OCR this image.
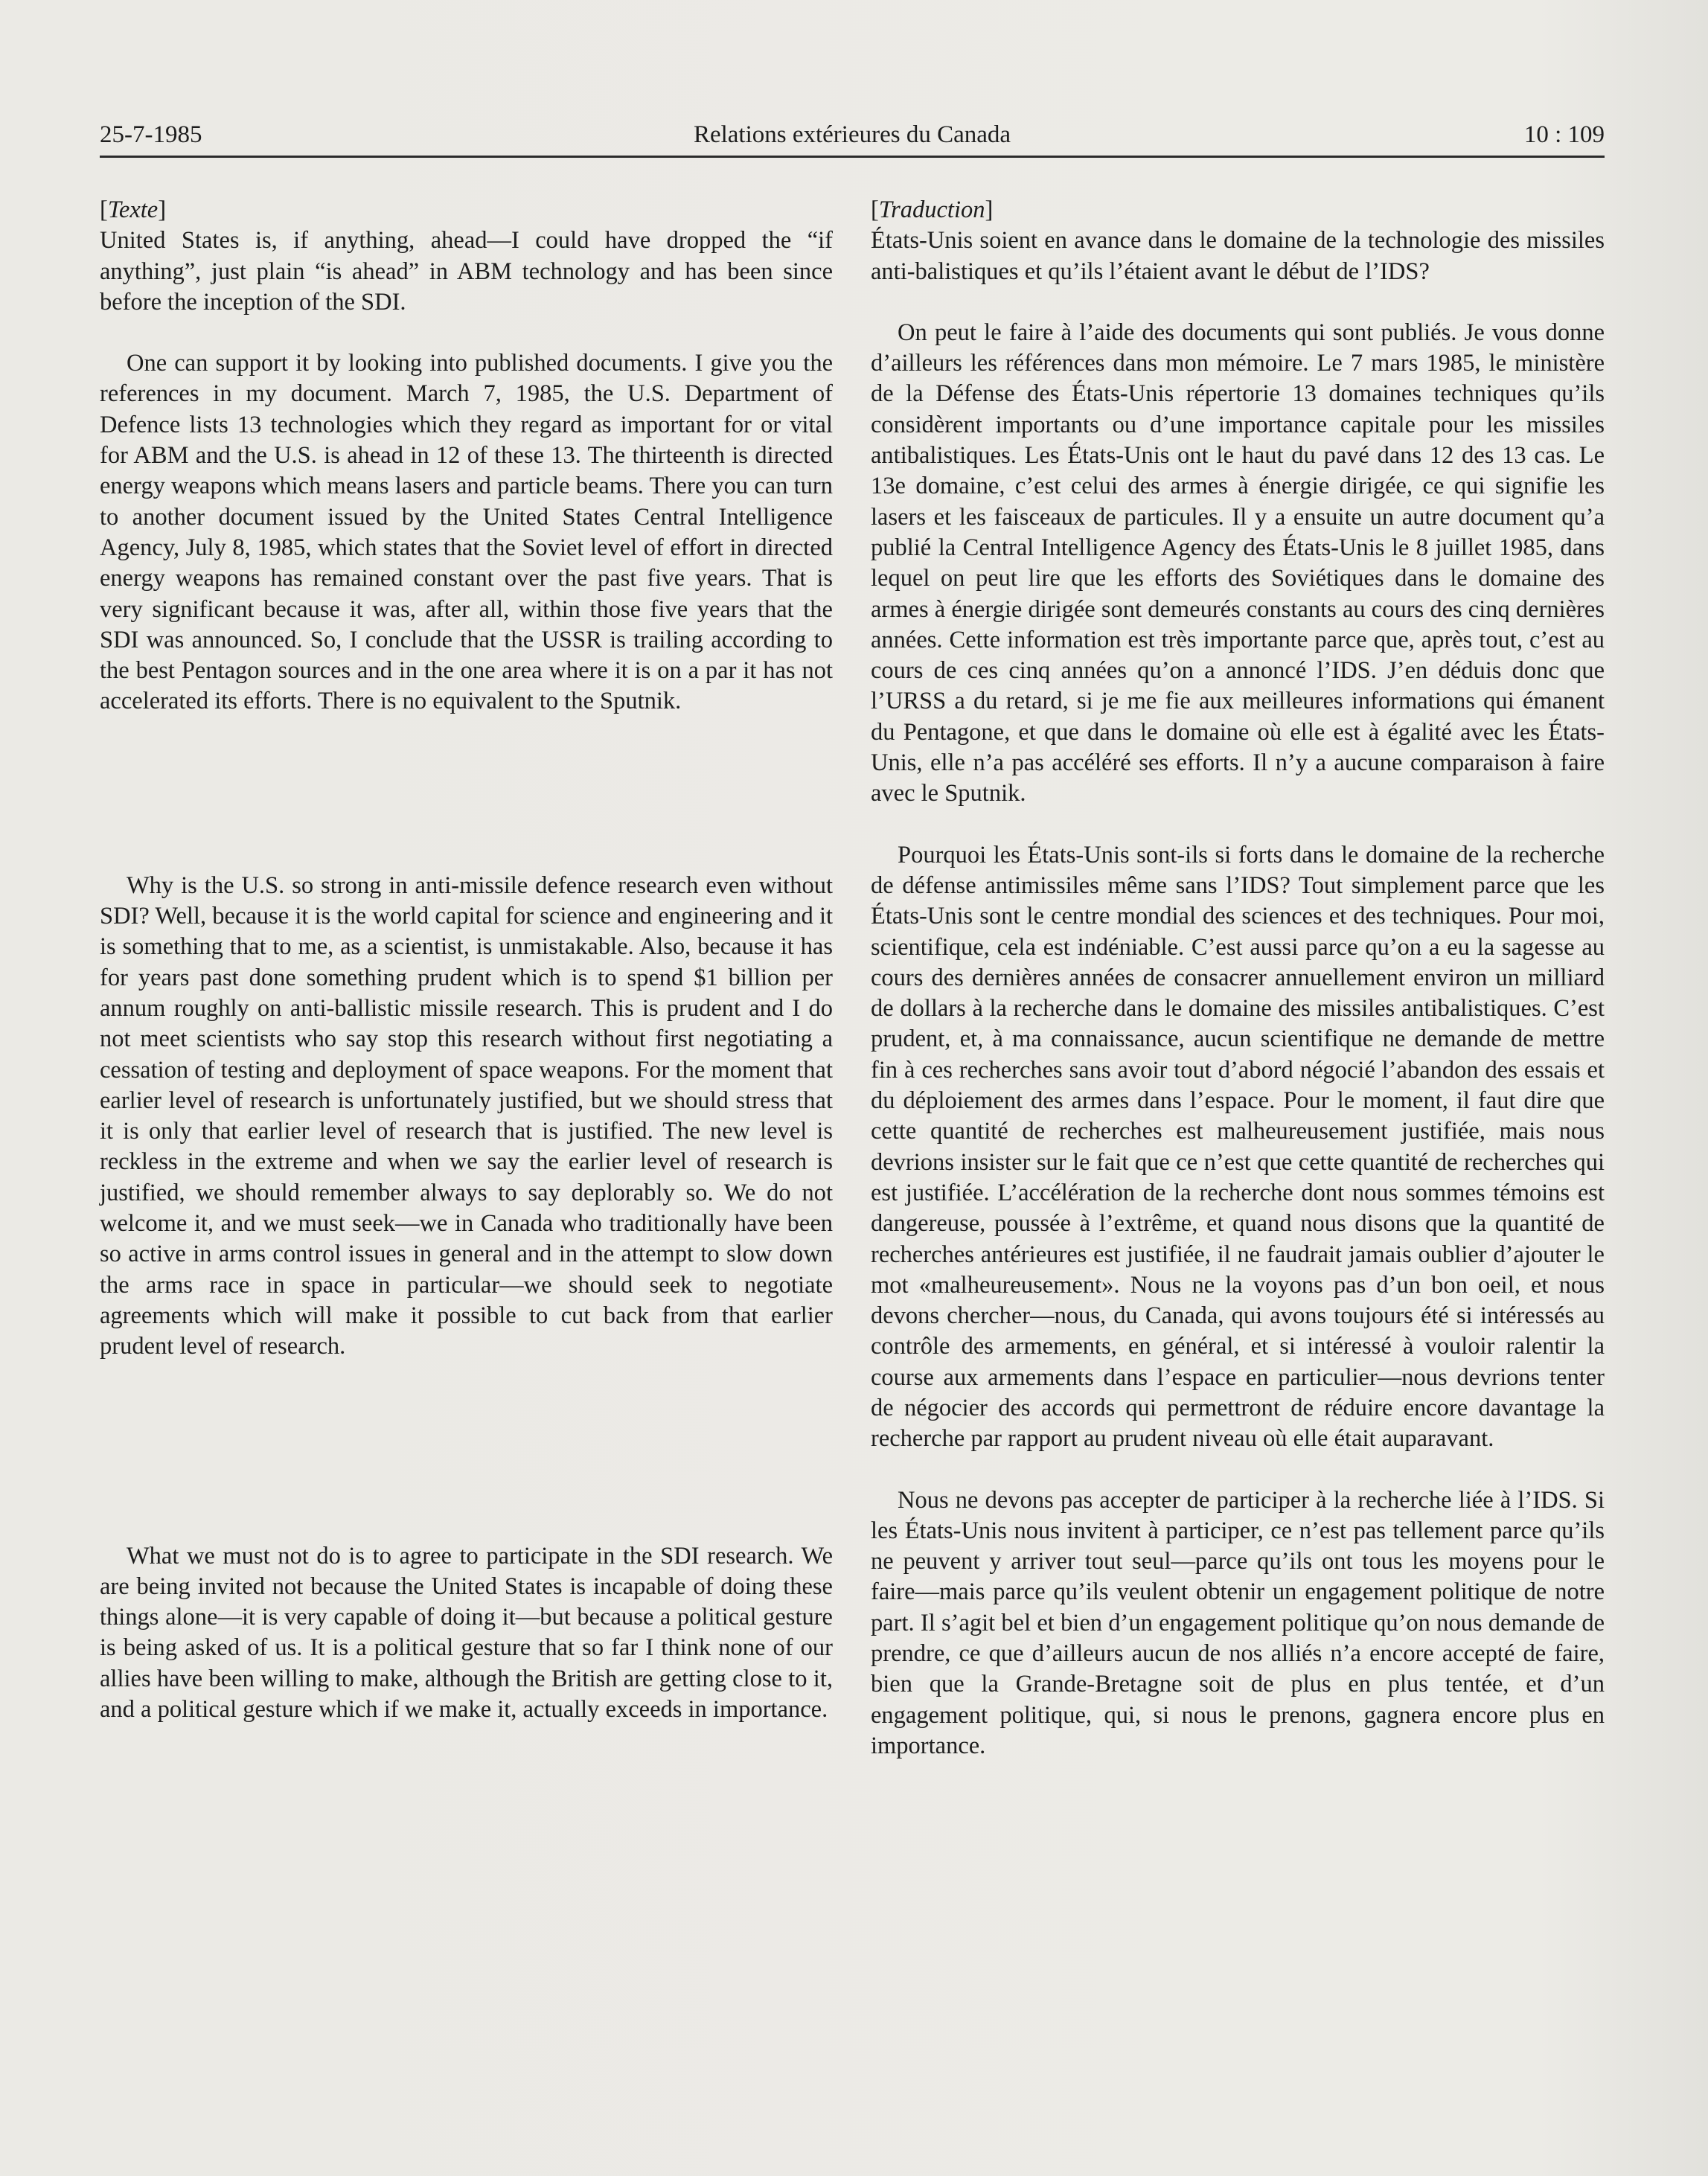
25-7-1985	Relations extérieures du Canada	10 : 109

[Texte]

United States is, if anything, ahead—I could have dropped the “if anything”, just plain “is ahead” in ABM technology and has been since before the inception of the SDI.

One can support it by looking into published documents. I give you the references in my document. March 7, 1985, the U.S. Department of Defence lists 13 technologies which they regard as important for or vital for ABM and the U.S. is ahead in 12 of these 13. The thirteenth is directed energy weapons which means lasers and particle beams. There you can turn to another document issued by the United States Central Intelligence Agency, July 8, 1985, which states that the Soviet level of effort in directed energy weapons has remained constant over the past five years. That is very significant because it was, after all, within those five years that the SDI was announced. So, I conclude that the USSR is trailing according to the best Pentagon sources and in the one area where it is on a par it has not accelerated its efforts. There is no equivalent to the Sputnik.

Why is the U.S. so strong in anti-missile defence research even without SDI? Well, because it is the world capital for science and engineering and it is something that to me, as a scientist, is unmistakable. Also, because it has for years past done something prudent which is to spend $1 billion per annum roughly on anti-ballistic missile research. This is prudent and I do not meet scientists who say stop this research without first negotiating a cessation of testing and deployment of space weapons. For the moment that earlier level of research is unfortunately justified, but we should stress that it is only that earlier level of research that is justified. The new level is reckless in the extreme and when we say the earlier level of research is justified, we should remember always to say deplorably so. We do not welcome it, and we must seek—we in Canada who traditionally have been so active in arms control issues in general and in the attempt to slow down the arms race in space in particular—we should seek to negotiate agreements which will make it possible to cut back from that earlier prudent level of research.

What we must not do is to agree to participate in the SDI research. We are being invited not because the United States is incapable of doing these things alone—it is very capable of doing it—but because a political gesture is being asked of us. It is a political gesture that so far I think none of our allies have been willing to make, although the British are getting close to it, and a political gesture which if we make it, actually exceeds in importance.

[Traduction]

États-Unis soient en avance dans le domaine de la technologie des missiles anti-balistiques et qu’ils l’étaient avant le début de l’IDS?

On peut le faire à l’aide des documents qui sont publiés. Je vous donne d’ailleurs les références dans mon mémoire. Le 7 mars 1985, le ministère de la Défense des États-Unis répertorie 13 domaines techniques qu’ils considèrent importants ou d’une importance capitale pour les missiles antibalistiques. Les États-Unis ont le haut du pavé dans 12 des 13 cas. Le 13e domaine, c’est celui des armes à énergie dirigée, ce qui signifie les lasers et les faisceaux de particules. Il y a ensuite un autre document qu’a publié la Central Intelligence Agency des États-Unis le 8 juillet 1985, dans lequel on peut lire que les efforts des Soviétiques dans le domaine des armes à énergie dirigée sont demeurés constants au cours des cinq dernières années. Cette information est très importante parce que, après tout, c’est au cours de ces cinq années qu’on a annoncé l’IDS. J’en déduis donc que l’URSS a du retard, si je me fie aux meilleures informations qui émanent du Pentagone, et que dans le domaine où elle est à égalité avec les États-Unis, elle n’a pas accéléré ses efforts. Il n’y a aucune comparaison à faire avec le Sputnik.

Pourquoi les États-Unis sont-ils si forts dans le domaine de la recherche de défense antimissiles même sans l’IDS? Tout simplement parce que les États-Unis sont le centre mondial des sciences et des techniques. Pour moi, scientifique, cela est indéniable. C’est aussi parce qu’on a eu la sagesse au cours des dernières années de consacrer annuellement environ un milliard de dollars à la recherche dans le domaine des missiles antibalistiques. C’est prudent, et, à ma connaissance, aucun scientifique ne demande de mettre fin à ces recherches sans avoir tout d’abord négocié l’abandon des essais et du déploiement des armes dans l’espace. Pour le moment, il faut dire que cette quantité de recherches est malheureusement justifiée, mais nous devrions insister sur le fait que ce n’est que cette quantité de recherches qui est justifiée. L’accélération de la recherche dont nous sommes témoins est dangereuse, poussée à l’extrême, et quand nous disons que la quantité de recherches antérieures est justifiée, il ne faudrait jamais oublier d’ajouter le mot «malheureusement». Nous ne la voyons pas d’un bon oeil, et nous devons chercher—nous, du Canada, qui avons toujours été si intéressés au contrôle des armements, en général, et si intéressé à vouloir ralentir la course aux armements dans l’espace en particulier—nous devrions tenter de négocier des accords qui permettront de réduire encore davantage la recherche par rapport au prudent niveau où elle était auparavant.

Nous ne devons pas accepter de participer à la recherche liée à l’IDS. Si les États-Unis nous invitent à participer, ce n’est pas tellement parce qu’ils ne peuvent y arriver tout seul—parce qu’ils ont tous les moyens pour le faire—mais parce qu’ils veulent obtenir un engagement politique de notre part. Il s’agit bel et bien d’un engagement politique qu’on nous demande de prendre, ce que d’ailleurs aucun de nos alliés n’a encore accepté de faire, bien que la Grande-Bretagne soit de plus en plus tentée, et d’un engagement politique, qui, si nous le prenons, gagnera encore plus en importance.
